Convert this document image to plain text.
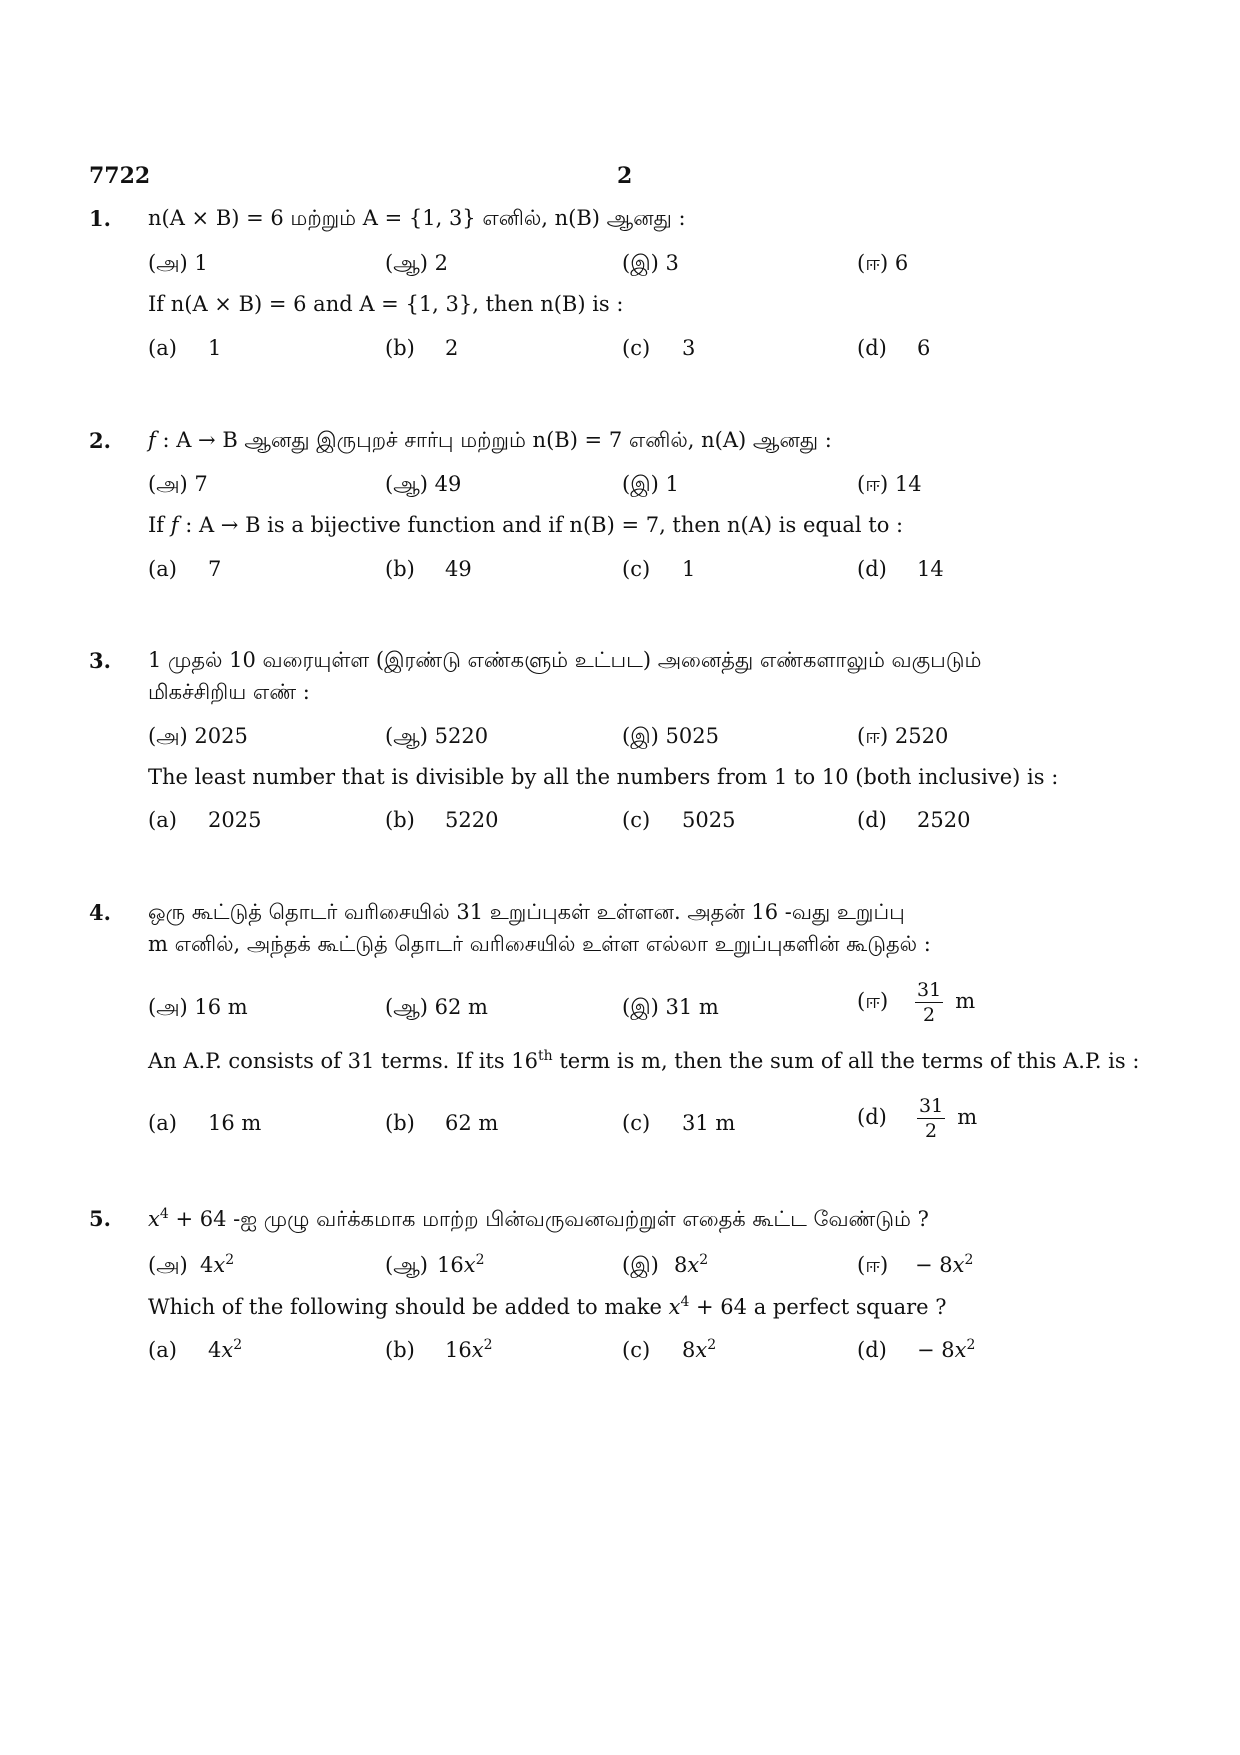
7722	2
1. n(A × B) = 6 மற்றும் A = {1, 3} எனில், n(B) ஆனது :
(அ) 1	(ஆ) 2	(இ) 3	(ஈ) 6
If n(A × B) = 6 and A = {1, 3}, then n(B) is :
(a) 1	(b) 2	(c) 3	(d) 6
2. f : A → B ஆனது இருபுறச் சார்பு மற்றும் n(B) = 7 எனில், n(A) ஆனது :
(அ) 7	(ஆ) 49	(இ) 1	(ஈ) 14
If f : A → B is a bijective function and if n(B) = 7, then n(A) is equal to :
(a) 7	(b) 49	(c) 1	(d) 14
3. 1 முதல் 10 வரையுள்ள (இரண்டு எண்களும் உட்பட) அனைத்து எண்களாலும் வகுபடும்
மிகச்சிறிய எண் :
(அ) 2025	(ஆ) 5220	(இ) 5025	(ஈ) 2520
The least number that is divisible by all the numbers from 1 to 10 (both inclusive) is :
(a) 2025	(b) 5220	(c) 5025	(d) 2520
4. ஒரு கூட்டுத் தொடர் வரிசையில் 31 உறுப்புகள் உள்ளன. அதன் 16 -வது உறுப்பு
m எனில், அந்தக் கூட்டுத் தொடர் வரிசையில் உள்ள எல்லா உறுப்புகளின் கூடுதல் :
(அ) 16 m	(ஆ) 62 m	(இ) 31 m	(ஈ) $\frac{31}{2}$ m
An A.P. consists of 31 terms. If its 16th term is m, then the sum of all the terms of this A.P. is :
(a) 16 m	(b) 62 m	(c) 31 m	$(d) \frac{31}{2}$ m
5. $x^4 + 64$ -ஐ முழு வர்க்கமாக மாற்ற பின்வருவனவற்றுள் எதைக் கூட்ட வேண்டும் ?
(அ) $4x^2$	(ஆ) $16x^2$	(இ) $8x^2$	(ஈ) − $8x^2$
Which of the following should be added to make $x^4 + 64$ a perfect square ?
(a) $4x^2$	(b) $16x^2$	(c) $8x^2$	$(d) - 8x^2$
